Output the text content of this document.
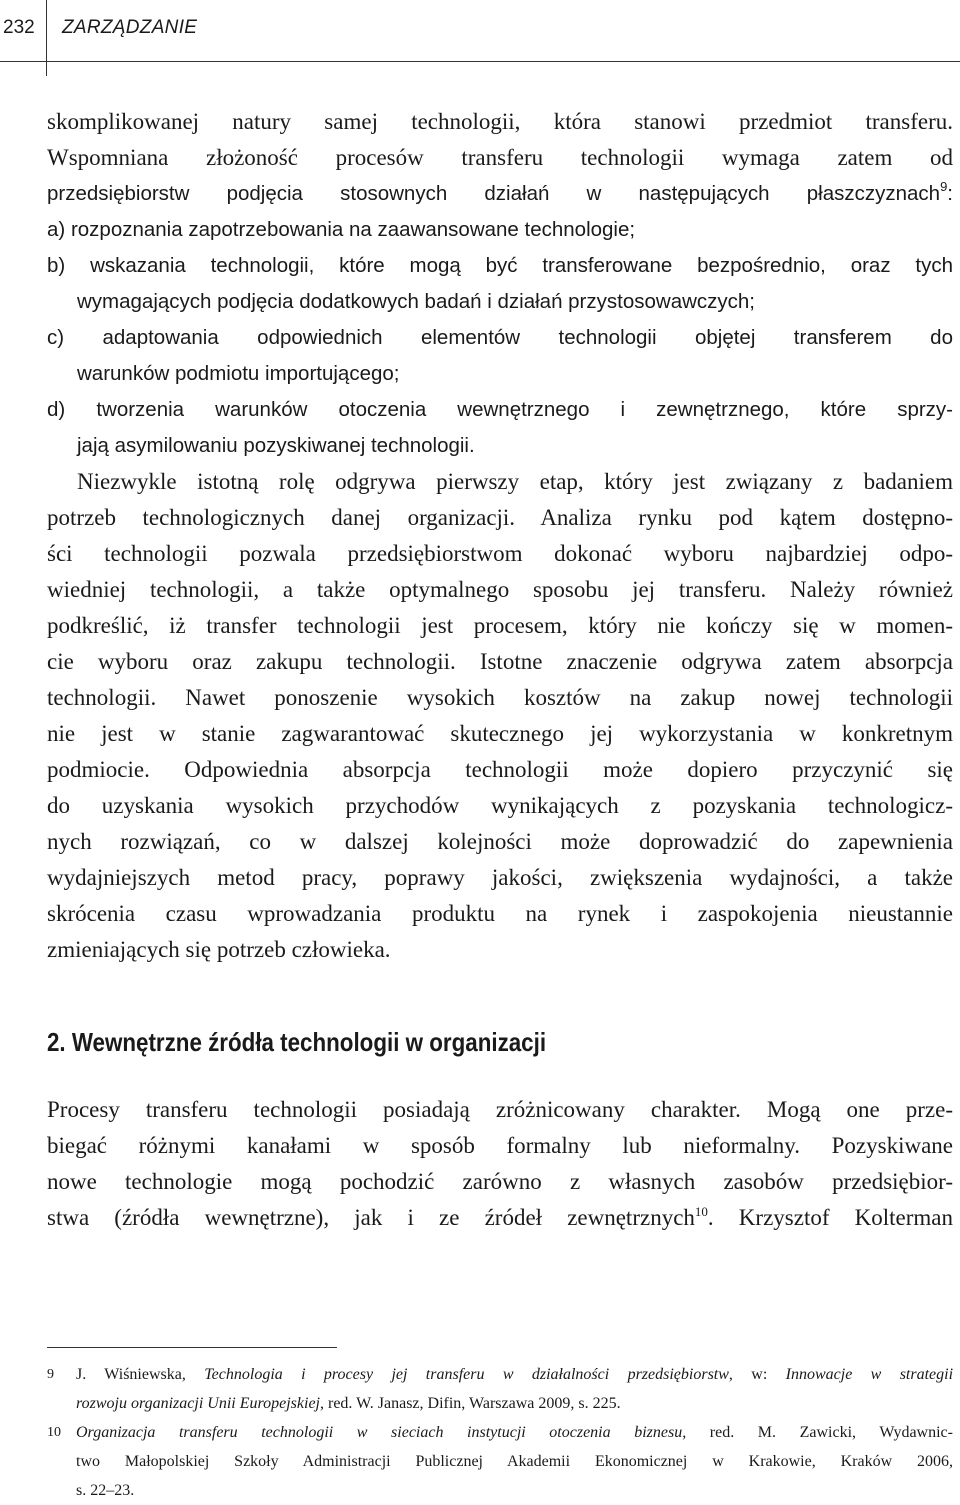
232 ZARZĄDZANIE
skomplikowanej natury samej technologii, która stanowi przedmiot transferu.
Wspomniana złożoność procesów transferu technologii wymaga zatem od
przedsiębiorstw podjęcia stosownych działań w następujących płaszczyznach$^9$:
a) rozpoznania zapotrzebowania na zaawansowane technologie;
b) wskazania technologii, które mogą być transferowane bezpośrednio, oraz tych
wymagających podjęcia dodatkowych badań i działań przystosowawczych;
c) adaptowania odpowiednich elementów technologii objętej transferem do
warunków podmiotu importującego;
d) tworzenia warunków otoczenia wewnętrznego i zewnętrznego, które sprzy-
jają asymilowaniu pozyskiwanej technologii.
Niezwykle istotną rolę odgrywa pierwszy etap, który jest związany z badaniem
potrzeb technologicznych danej organizacji. Analiza rynku pod kątem dostępno-
ści technologii pozwala przedsiębiorstwom dokonać wyboru najbardziej odpo-
wiedniej technologii, a także optymalnego sposobu jej transferu. Należy również
podkreślić, iż transfer technologii jest procesem, który nie kończy się w momen-
cie wyboru oraz zakupu technologii. Istotne znaczenie odgrywa zatem absorpcja
technologii. Nawet ponoszenie wysokich kosztów na zakup nowej technologii
nie jest w stanie zagwarantować skutecznego jej wykorzystania w konkretnym
podmiocie. Odpowiednia absorpcja technologii może dopiero przyczynić się
do uzyskania wysokich przychodów wynikających z pozyskania technologicz-
nych rozwiązań, co w dalszej kolejności może doprowadzić do zapewnienia
wydajniejszych metod pracy, poprawy jakości, zwiększenia wydajności, a także
skrócenia czasu wprowadzania produktu na rynek i zaspokojenia nieustannie
zmieniających się potrzeb człowieka.
2. Wewnętrzne źródła technologii w organizacji
Procesy transferu technologii posiadają zróżnicowany charakter. Mogą one prze-
biegać różnymi kanałami w sposób formalny lub nieformalny. Pozyskiwane
nowe technologie mogą pochodzić zarówno z własnych zasobów przedsiębior-
stwa (źródła wewnętrzne), jak i ze źródeł zewnętrznych$^{10}$. Krzysztof Kolterman
9 J. Wiśniewska, Technologia i procesy jej transferu w działalności przedsiębiorstw, w: Innowacje w strategii
rozwoju organizacji Unii Europejskiej, red. W. Janasz, Difin, Warszawa 2009, s. 225.
10 Organizacja transferu technologii w sieciach instytucji otoczenia biznesu, red. M. Zawicki, Wydawnic-
two Małopolskiej Szkoły Administracji Publicznej Akademii Ekonomicznej w Krakowie, Kraków 2006,
s. 22–23.
